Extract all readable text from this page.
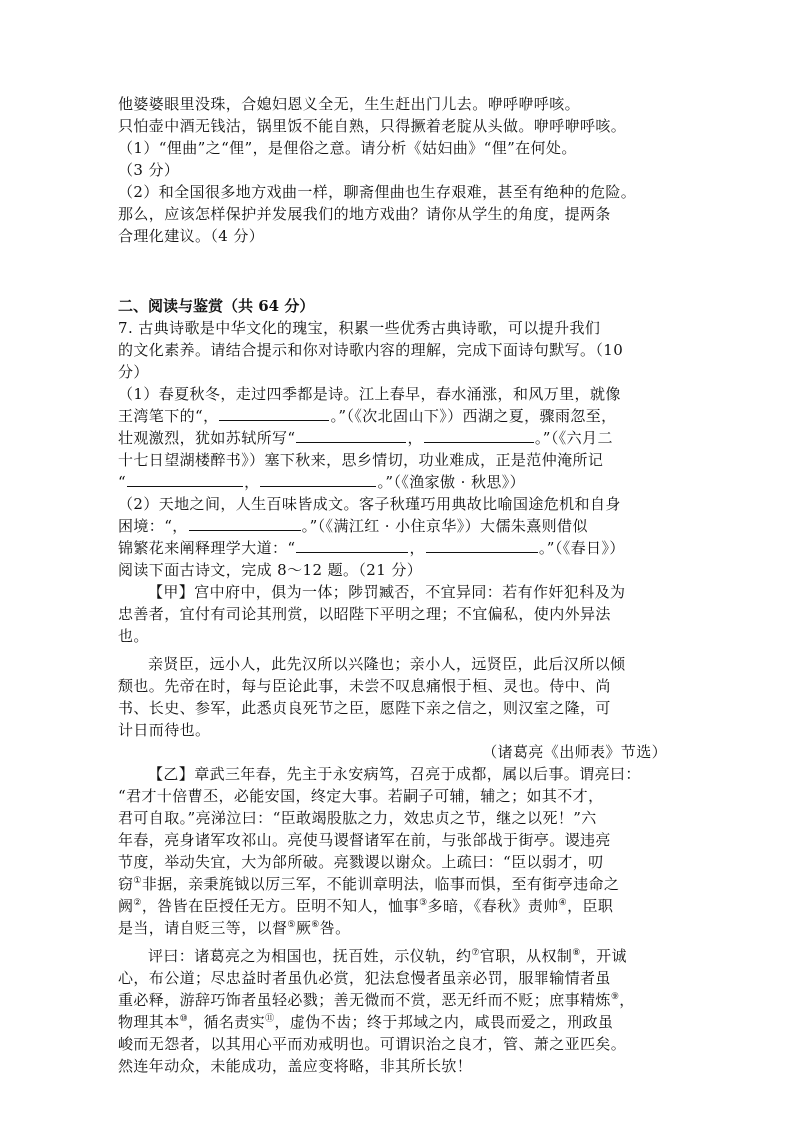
他婆婆眼里没珠，合媳妇恩义全无，生生赶出门儿去。咿呼咿呼咳。
只怕壶中酒无钱沽，锅里饭不能自熟，只得撅着老腚从头做。咿呼咿呼咳。
（1）“俚曲”之“俚”，是俚俗之意。请分析《姑妇曲》“俚”在何处。
（3 分）
（2）和全国很多地方戏曲一样，聊斋俚曲也生存艰难，甚至有绝种的危险。
那么，应该怎样保护并发展我们的地方戏曲？请你从学生的角度，提两条
合理化建议。（4 分）
二、阅读与鉴赏（共 64 分）
7. 古典诗歌是中华文化的瑰宝，积累一些优秀古典诗歌，可以提升我们
的文化素养。请结合提示和你对诗歌内容的理解，完成下面诗句默写。（10
分）
（1）春夏秋冬，走过四季都是诗。江上春早，春水涌涨，和风万里，就像
王湾笔下的“，	。”（《次北固山下》）西湖之夏，骤雨忽至，
壮观激烈，犹如苏轼所写“	，	。”（《六月二
十七日望湖楼醉书》）塞下秋来，思乡情切，功业难成，正是范仲淹所记
“	，	。”（《渔家傲 · 秋思》）
（2）天地之间，人生百味皆成文。客子秋瑾巧用典故比喻国途危机和自身
困境：“，	。”（《满江红 · 小住京华》）大儒朱熹则借似
锦繁花来阐释理学大道：“	，	。”（《春日》）
阅读下面古诗文，完成 8～12 题。（21 分）
【甲】宫中府中，俱为一体；陟罚臧否，不宜异同：若有作奸犯科及为
忠善者，宜付有司论其刑赏，以昭陛下平明之理；不宜偏私，使内外异法
也。
亲贤臣，远小人，此先汉所以兴隆也；亲小人，远贤臣，此后汉所以倾
颓也。先帝在时，每与臣论此事，未尝不叹息痛恨于桓、灵也。侍中、尚
书、长史、参军，此悉贞良死节之臣，愿陛下亲之信之，则汉室之隆，可
计日而待也。
（诸葛亮《出师表》节选）
【乙】章武三年春，先主于永安病笃，召亮于成都，属以后事。谓亮曰：
“君才十倍曹丕，必能安国，终定大事。若嗣子可辅，辅之；如其不才，
君可自取。”亮涕泣曰：“臣敢竭股肱之力，效忠贞之节，继之以死！”六
年春，亮身诸军攻祁山。亮使马谡督诸军在前，与张郃战于街亭。谡违亮
节度，举动失宜，大为郃所破。亮戮谡以谢众。上疏曰：“臣以弱才，叨
窃①非据，亲秉旄钺以厉三军，不能训章明法，临事而惧，至有街亭违命之
阙②，咎皆在臣授任无方。臣明不知人，恤事③多暗，《春秋》责帅④，臣职
是当，请自贬三等，以督⑤厥⑥咎。
评曰：诸葛亮之为相国也，抚百姓，示仪轨，约⑦官职，从权制⑧，开诚
心，布公道；尽忠益时者虽仇必赏，犯法怠慢者虽亲必罚，服罪输情者虽
重必释，游辞巧饰者虽轻必戮；善无微而不赏，恶无纤而不贬；庶事精炼⑨，
物理其本⑩，循名责实⑪，虚伪不齿；终于邦域之内，咸畏而爱之，刑政虽
峻而无怨者，以其用心平而劝戒明也。可谓识治之良才，管、萧之亚匹矣。
然连年动众，未能成功，盖应变将略，非其所长欤！
